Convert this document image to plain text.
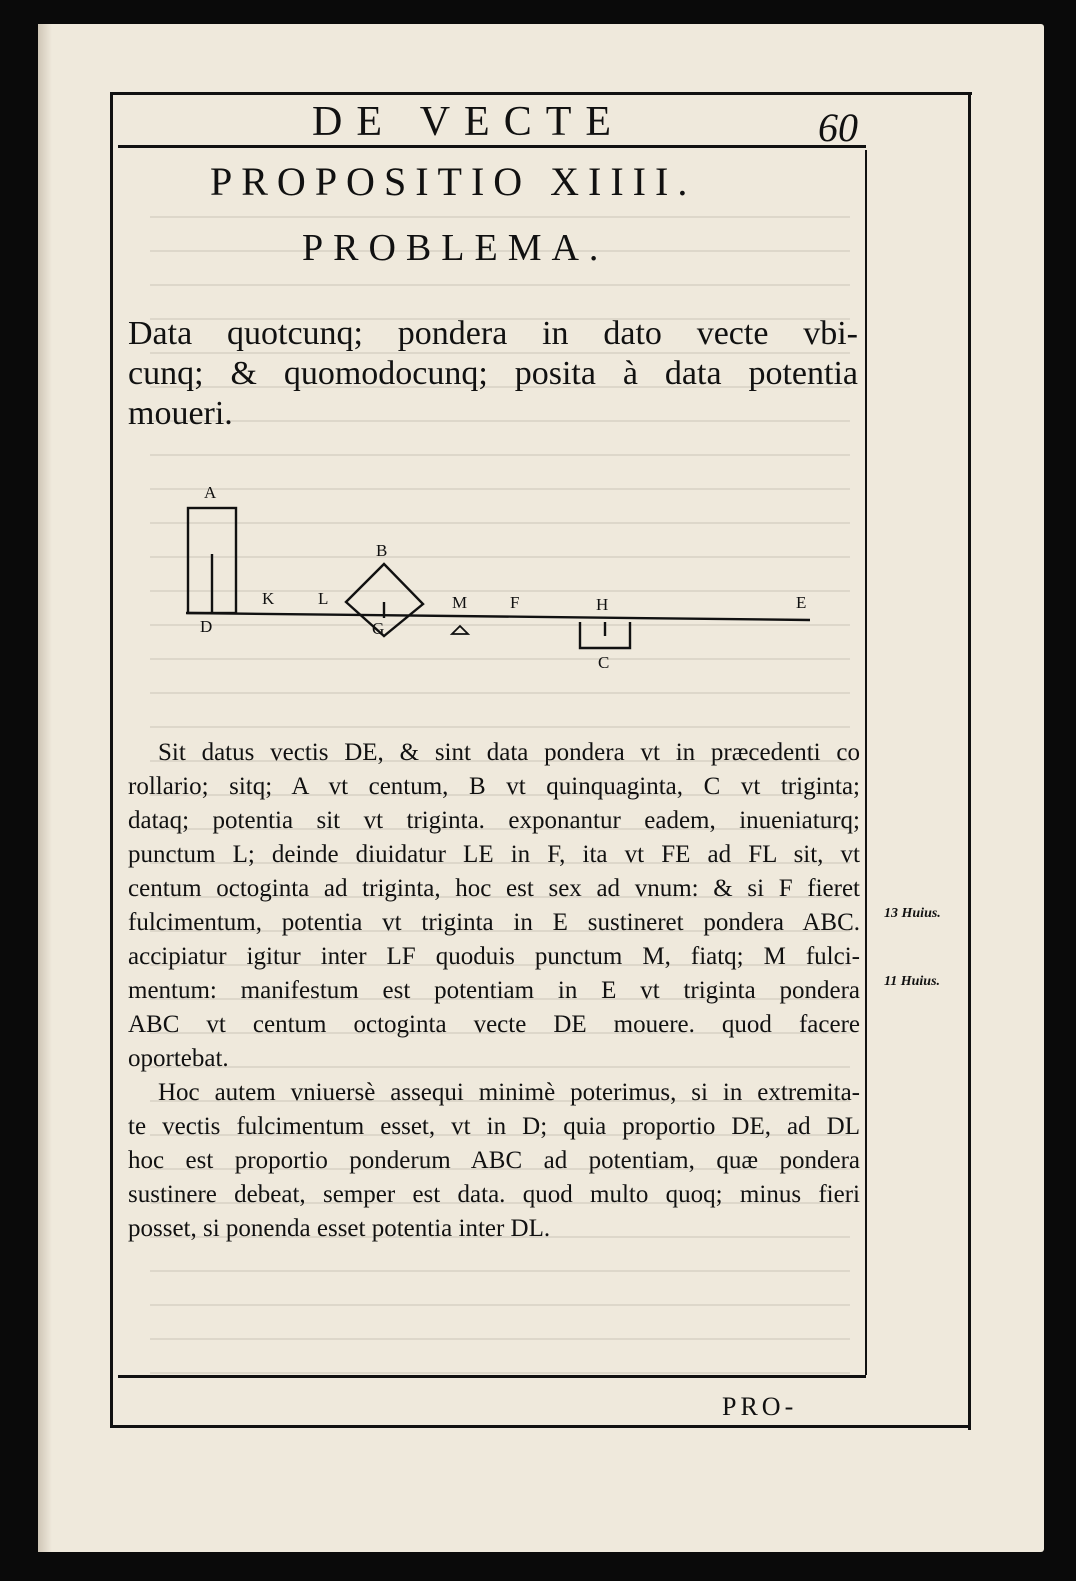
DE VECTE	60
PROPOSITIO XIIII.
PROBLEMA.
Data quotcunq; pondera in dato vecte vbi-
cunq; & quomodocunq; posita à data potentia
moueri.
A
B
C
D
E
F
G
H
K	L	M
Sit datus vectis DE, & sint data pondera vt in præcedenti co
rollario; sitq; A vt centum, B vt quinquaginta, C vt triginta;
dataq; potentia sit vt triginta. exponantur eadem, inueniaturq;
punctum L; deinde diuidatur LE in F, ita vt FE ad FL sit, vt
centum octoginta ad triginta, hoc est sex ad vnum: & si F fieret
fulcimentum, potentia vt triginta in E sustineret pondera ABC.
accipiatur igitur inter LF quoduis punctum M, fiatq; M fulci-
mentum: manifestum est potentiam in E vt triginta pondera
ABC vt centum octoginta vecte DE mouere. quod facere
oportebat.
Hoc autem vniuersè assequi minimè poterimus, si in extremita-
te vectis fulcimentum esset, vt in D; quia proportio DE, ad DL
hoc est proportio ponderum ABC ad potentiam, quæ pondera
sustinere debeat, semper est data. quod multo quoq; minus fieri
posset, si ponenda esset potentia inter DL.
13 Huius.
11 Huius.
PRO-
